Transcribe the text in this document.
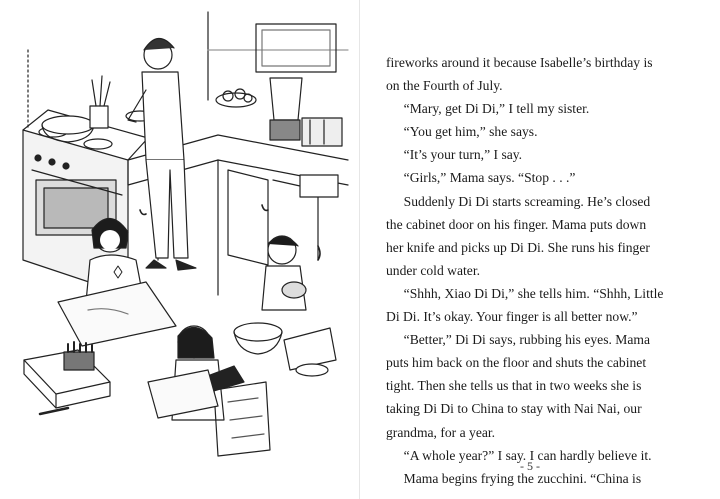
fireworks around it because Isabelle’s birthday is

on the Fourth of July.

“Mary, get Di Di,” I tell my sister.

“You get him,” she says.

“It’s your turn,” I say.

“Girls,” Mama says. “Stop . . .”

Suddenly Di Di starts screaming. He’s closed

the cabinet door on his finger. Mama puts down

her knife and picks up Di Di. She runs his finger

under cold water.

“Shhh, Xiao Di Di,” she tells him. “Shhh, Little

Di Di. It’s okay. Your finger is all better now.”

“Better,” Di Di says, rubbing his eyes. Mama

puts him back on the floor and shuts the cabinet

tight. Then she tells us that in two weeks she is

taking Di Di to China to stay with Nai Nai, our

grandma, for a year.

“A whole year?” I say. I can hardly believe it.

Mama begins frying the zucchini. “China is

- 5 -
